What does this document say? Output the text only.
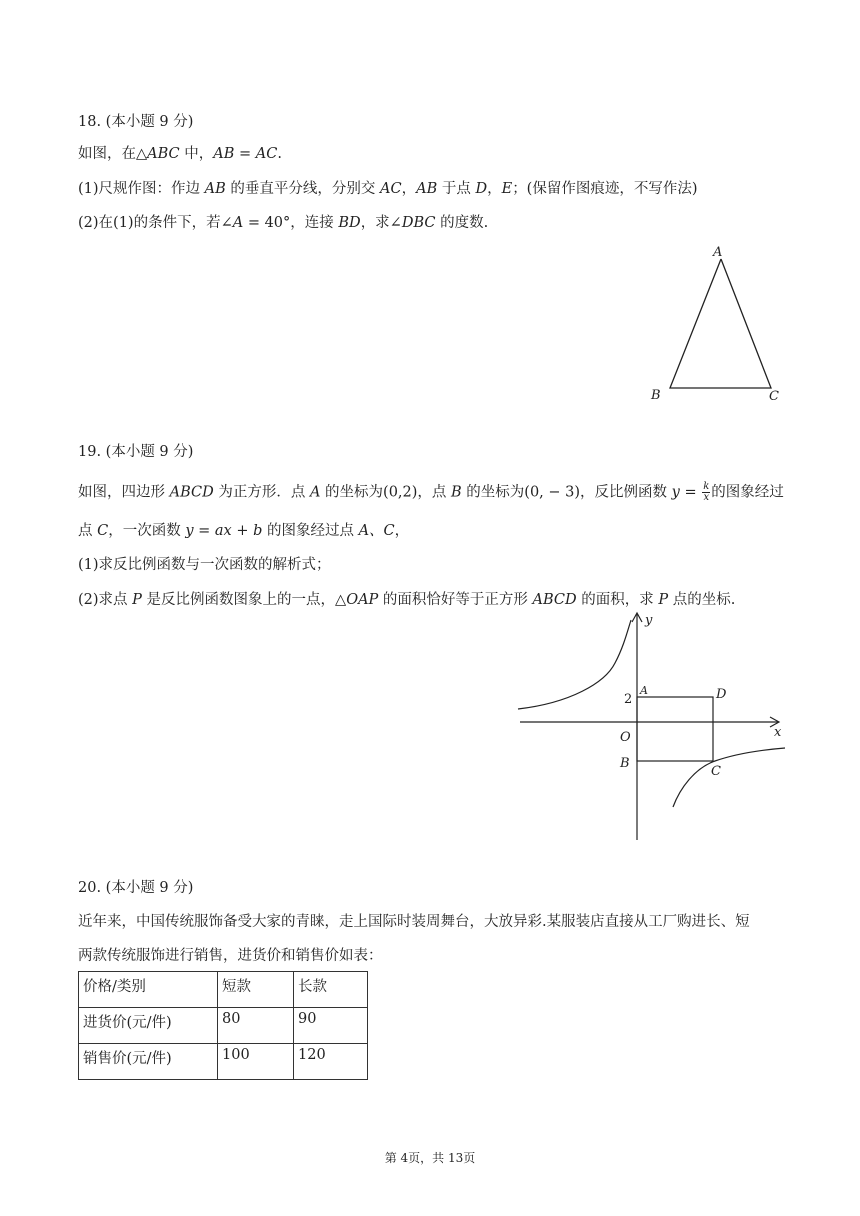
18. (本小题 9 分)
如图，在△ABC 中，AB = AC.
(1)尺规作图：作边 AB 的垂直平分线，分别交 AC，AB 于点 D，E；(保留作图痕迹，不写作法)
(2)在(1)的条件下，若∠A = 40°，连接 BD，求∠DBC 的度数.
A
B	C
19. (本小题 9 分)
如图，四边形 ABCD 为正方形．点 A 的坐标为(0,2)，点 B 的坐标为(0, − 3)，反比例函数 $y = \frac{k}{x}$ 的图象经过
点 C，一次函数 y = ax + b 的图象经过点 A、C，
(1)求反比例函数与一次函数的解析式；
(2)求点 P 是反比例函数图象上的一点，△OAP 的面积恰好等于正方形 ABCD 的面积，求 P 点的坐标.
y
x
O
A
2
B
C
D
20. (本小题 9 分)
近年来，中国传统服饰备受大家的青睐，走上国际时装周舞台，大放异彩.某服装店直接从工厂购进长、短
两款传统服饰进行销售，进货价和销售价如表：
价格/类别	短款	长款
进货价(元/件)	80	90
销售价(元/件)	100	120
第 4页，共 13页
